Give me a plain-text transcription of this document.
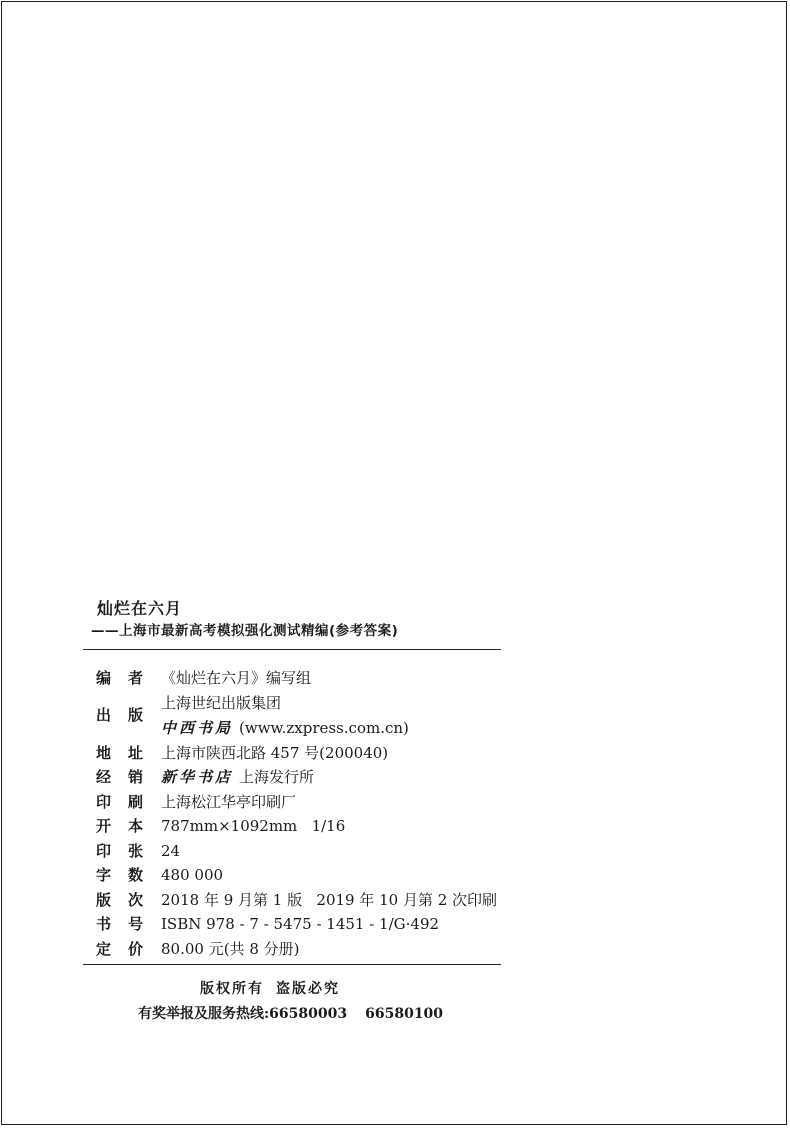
灿烂在六月
——上海市最新高考模拟强化测试精编(参考答案)
编者 《灿烂在六月》编写组
出版
上海世纪出版集团
中西书局 (www.zxpress.com.cn)
地址 上海市陕西北路 457 号(200040)
经销 新华书店 上海发行所
印刷 上海松江华亭印刷厂
开本 787mm×1092mm   1/16
印张 24
字数 480 000
版次 2018 年 9 月第 1 版   2019 年 10 月第 2 次印刷
书号 ISBN 978 - 7 - 5475 - 1451 - 1/G·492
定价 80.00 元(共 8 分册)
版权所有 盗版必究
有奖举报及服务热线:66580003 66580100
